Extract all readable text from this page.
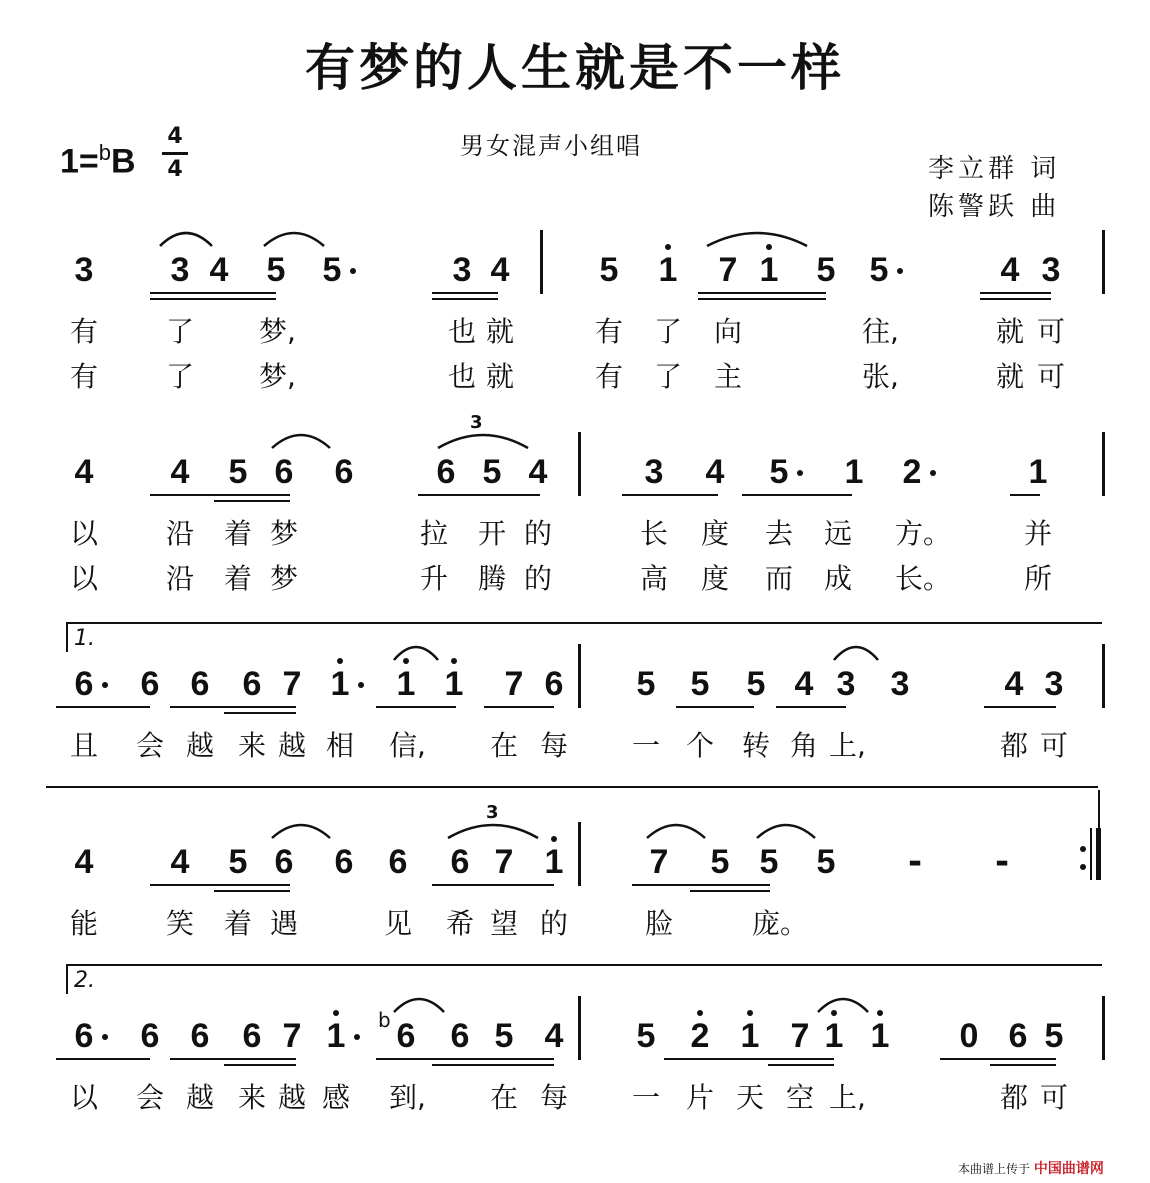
有梦的人生就是不一样
男女混声小组唱
1=$^b$B
4
4	李立群 词
陈警跃 曲
3 3 4 5 5	3 4	5 1 7 1 5 5	4 3
有 了 梦,	也 就	有 了 向	往,	就 可
有 了 梦,	也 就	有 了 主	张,	就 可
4 4 5 6 6 6 5 4	3 4 5 1 2	1
3
以 沿 着 梦	拉 开 的	长 度 去 远 方。	并
以 沿 着 梦	升 腾 的	高 度 而 成 长。	所
6 6 6 6 7 1 1 1 7 6 5 5 5 4 3 3	4 3
1.
且 会 越 来 越 相 信, 在 每 一 个 转 角 上,	都 可
4 4 5 6 6 6 6 7 1	7 5 5 5 - -
3
能 笑 着 遇	见 希 望 的	脸	庞。
6 6 6 6 7 1 6
b 6 5 4 5 2 1 7 1 1 0 6 5
2.
以 会 越 来 越 感 到, 在 每 一 片 天 空 上,	都 可
本曲谱上传于 中国曲谱网
